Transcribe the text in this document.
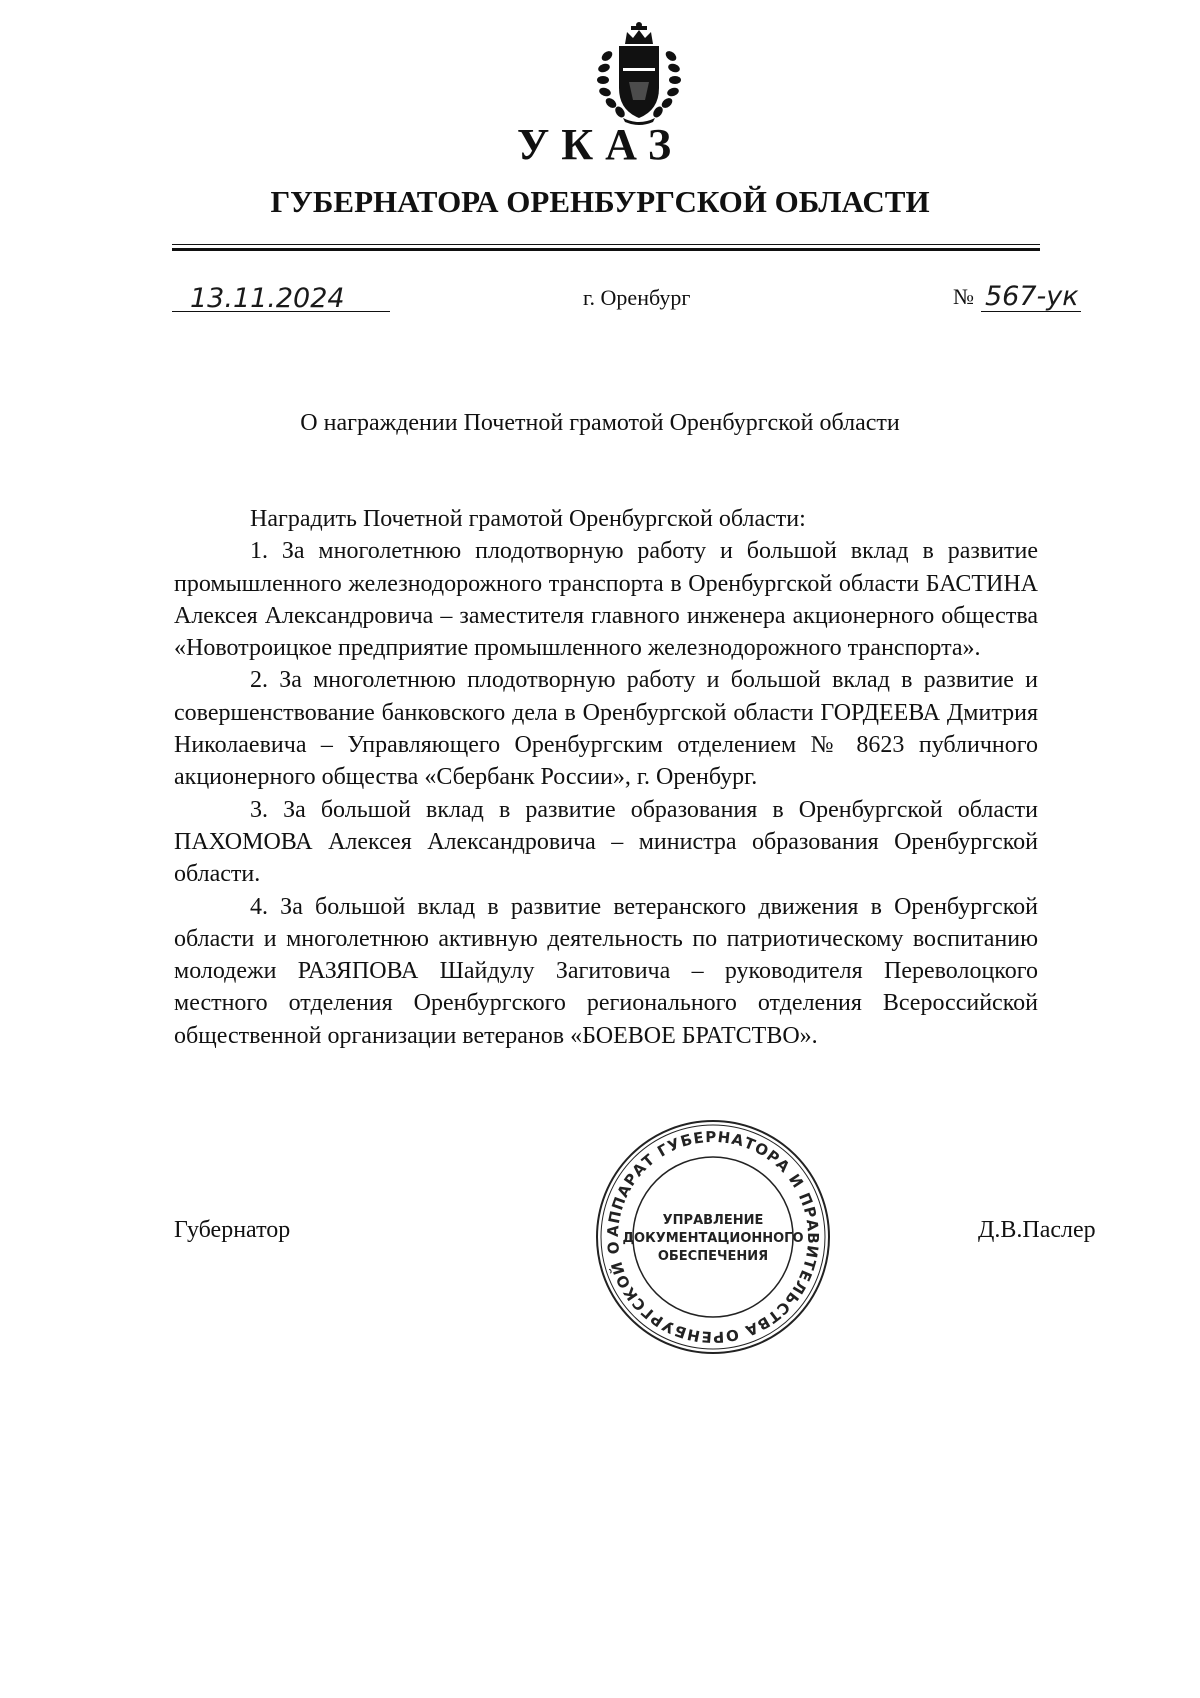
УКАЗ
ГУБЕРНАТОРА ОРЕНБУРГСКОЙ ОБЛАСТИ
13.11.2024	г. Оренбург	№ 567-ук
О награждении Почетной грамотой Оренбургской области

Наградить Почетной грамотой Оренбургской области:

1. За многолетнюю плодотворную работу и большой вклад в развитие промышленного железнодорожного транспорта в Оренбургской области БАСТИНА Алексея Александровича – заместителя главного инженера акционерного общества «Новотроицкое предприятие промышленного железнодорожного транспорта».

2. За многолетнюю плодотворную работу и большой вклад в развитие и совершенствование банковского дела в Оренбургской области ГОРДЕЕВА Дмитрия Николаевича – Управляющего Оренбургским отделением № 8623 публичного акционерного общества «Сбербанк России», г. Оренбург.

3. За большой вклад в развитие образования в Оренбургской области ПАХОМОВА Алексея Александровича – министра образования Оренбургской области.

4. За большой вклад в развитие ветеранского движения в Оренбургской области и многолетнюю активную деятельность по патриотическому воспитанию молодежи РАЗЯПОВА Шайдулу Загитовича – руководителя Переволоцкого местного отделения Оренбургского регионального отделения Всероссийской общественной организации ветеранов «БОЕВОЕ БРАТСТВО».

Губернатор	Д.В.Паслер
АППАРАТ ГУБЕРНАТОРА И ПРАВИТЕЛЬСТВА ОРЕНБУРГСКОЙ О
УПРАВЛЕНИЕ
ДОКУМЕНТАЦИОННОГО
ОБЕСПЕЧЕНИЯ
